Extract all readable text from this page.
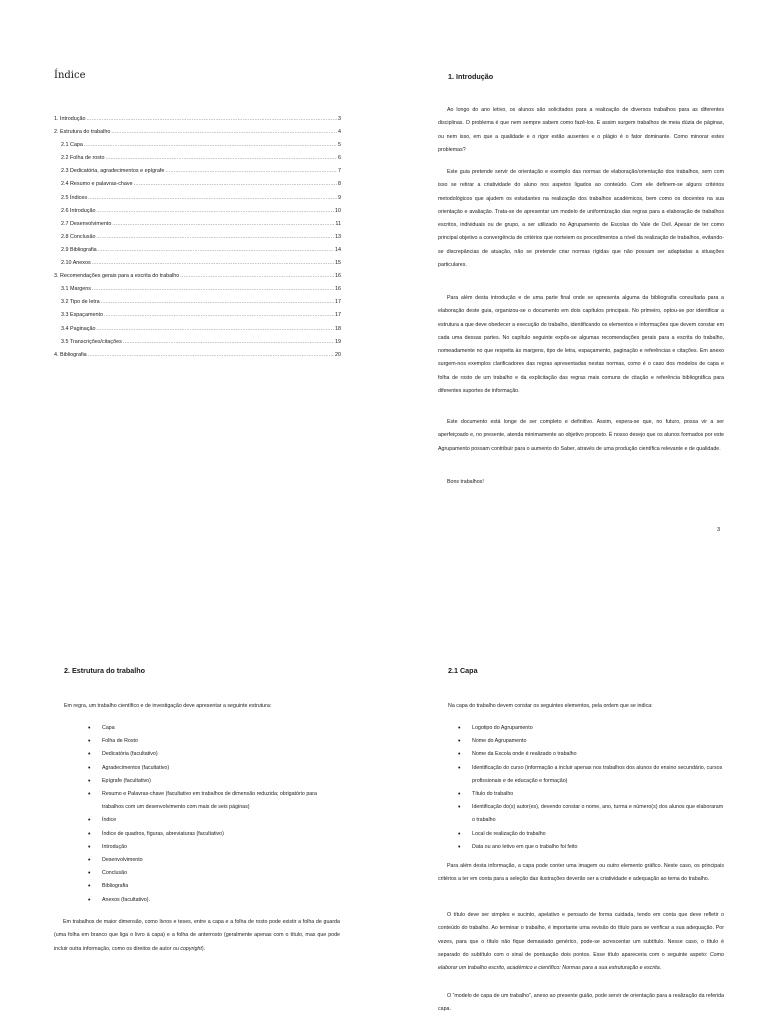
Índice
1. Introdução .....	3
2. Estrutura do trabalho .....	4
2.1 Capa .....	5
2.2 Folha de rosto .....	6
2.3 Dedicatória, agradecimentos e epígrafe .....	7
2.4 Resumo e palavras-chave .....	8
2.5 Índices .....	9
2.6 Introdução .....	10
2.7 Desenvolvimento .....	11
2.8 Conclusão .....	13
2.9 Bibliografia .....	14
2.10 Anexos .....	15
3. Recomendações gerais para a escrita do trabalho .....	16
3.1 Margens .....	16
3.2 Tipo de letra .....	17
3.3 Espaçamento .....	17
3.4 Paginação .....	18
3.5 Transcrições/citações .....	19
4. Bibliografia .....	20
1. Introdução

Ao longo do ano letivo, os alunos são solicitados para a realização de diversos trabalhos para as diferentes disciplinas. O problema é que nem sempre sabem como fazê-los. E assim surgem trabalhos de meia dúzia de páginas, ou nem isso, em que a qualidade e o rigor estão ausentes e o plágio é o fator dominante. Como minorar estes problemas?

Este guia pretende servir de orientação e exemplo das normas de elaboração/orientação dos trabalhos, sem com isso se retirar a criatividade do aluno nos aspetos ligados ao conteúdo. Com ele definem-se alguns critérios metodológicos que ajudem os estudantes na realização dos trabalhos académicos, bem como os docentes na sua orientação e avaliação. Trata-se de apresentar um modelo de uniformização das regras para a elaboração de trabalhos escritos, individuais ou de grupo, a ser utilizado no Agrupamento de Escolas do Vale de Ovil. Apesar de ter como principal objetivo a convergência de critérios que norteiem os procedimentos a nível da realização de trabalhos, evitando-se discrepâncias de atuação, não se pretende criar normas rígidas que não possam ser adaptadas a situações particulares.

Para além desta introdução e de uma parte final onde se apresenta alguma da bibliografia consultada para a elaboração deste guia, organizou-se o documento em dois capítulos principais. No primeiro, optou-se por identificar a estrutura a que deve obedecer a execução do trabalho, identificando os elementos e informações que devem constar em cada uma dessas partes. No capítulo seguinte expôs-se algumas recomendações gerais para a escrita do trabalho, nomeadamente no que respeita às margens, tipo de letra, espaçamento, paginação e referências e citações. Em anexo surgem-nos exemplos clarificadores das regras apresentadas nestas normas, como é o caso dos modelos de capa e folha de rosto de um trabalho e da explicitação das regras mais comuns de citação e referência bibliográfica para diferentes suportes de informação.

Este documento está longe de ser completo e definitivo. Assim, espera-se que, no futuro, possa vir a ser aperfeiçoado e, no presente, atenda minimamente ao objetivo proposto. É nosso desejo que os alunos formados por este Agrupamento possam contribuir para o aumento do Saber, através de uma produção científica relevante e de qualidade.

Bons trabalhos!

3
2. Estrutura do trabalho

Em regra, um trabalho científico e de investigação deve apresentar a seguinte estrutura:

• Capa
• Folha de Rosto
• Dedicatória (facultativo)
• Agradecimentos (facultativo)
• Epígrafe (facultativo)
• Resumo e Palavras-chave (facultativo em trabalhos de dimensão reduzida; obrigatório para trabalhos com um desenvolvimento com mais de seis páginas)
• Índice
• Índice de quadros, figuras, abreviaturas (facultativo)
• Introdução
• Desenvolvimento
• Conclusão
• Bibliografia
• Anexos (facultativo).

Em trabalhos de maior dimensão, como livros e teses, entre a capa e a folha de rosto pode existir a folha de guarda (uma folha em branco que liga o livro à capa) e a folha de anterrosto (geralmente apenas com o título, mas que pode incluir outra informação, como os direitos de autor ou copyright).

2.1 Capa

Na capa do trabalho devem constar os seguintes elementos, pela ordem que se indica:

• Logotipo do Agrupamento
• Nome do Agrupamento
• Nome da Escola onde é realizado o trabalho
• Identificação do curso (informação a incluir apenas nos trabalhos dos alunos do ensino secundário, cursos profissionais e de educação e formação)
• Título do trabalho
• Identificação do(s) autor(es), devendo constar o nome, ano, turma e número(s) dos alunos que elaboraram o trabalho
• Local de realização do trabalho
• Data ou ano letivo em que o trabalho foi feito

Para além desta informação, a capa pode conter uma imagem ou outro elemento gráfico. Neste caso, os principais critérios a ter em conta para a seleção das ilustrações deverão ser a criatividade e adequação ao tema do trabalho.

O título deve ser simples e sucinto, apelativo e pensado de forma cuidada, tendo em conta que deve refletir o conteúdo do trabalho. Ao terminar o trabalho, é importante uma revisão do título para se verificar a sua adequação. Por vezes, para que o título não fique demasiado genérico, pode-se acrescentar um subtítulo. Nesse caso, o título é separado do subtítulo com o sinal de pontuação dois pontos. Esse título apareceria com o seguinte aspeto: Como elaborar um trabalho escrito, académico e científico: Normas para a sua estruturação e escrita.

O “modelo de capa de um trabalho”, anexo ao presente guião, pode servir de orientação para a realização da referida capa.
